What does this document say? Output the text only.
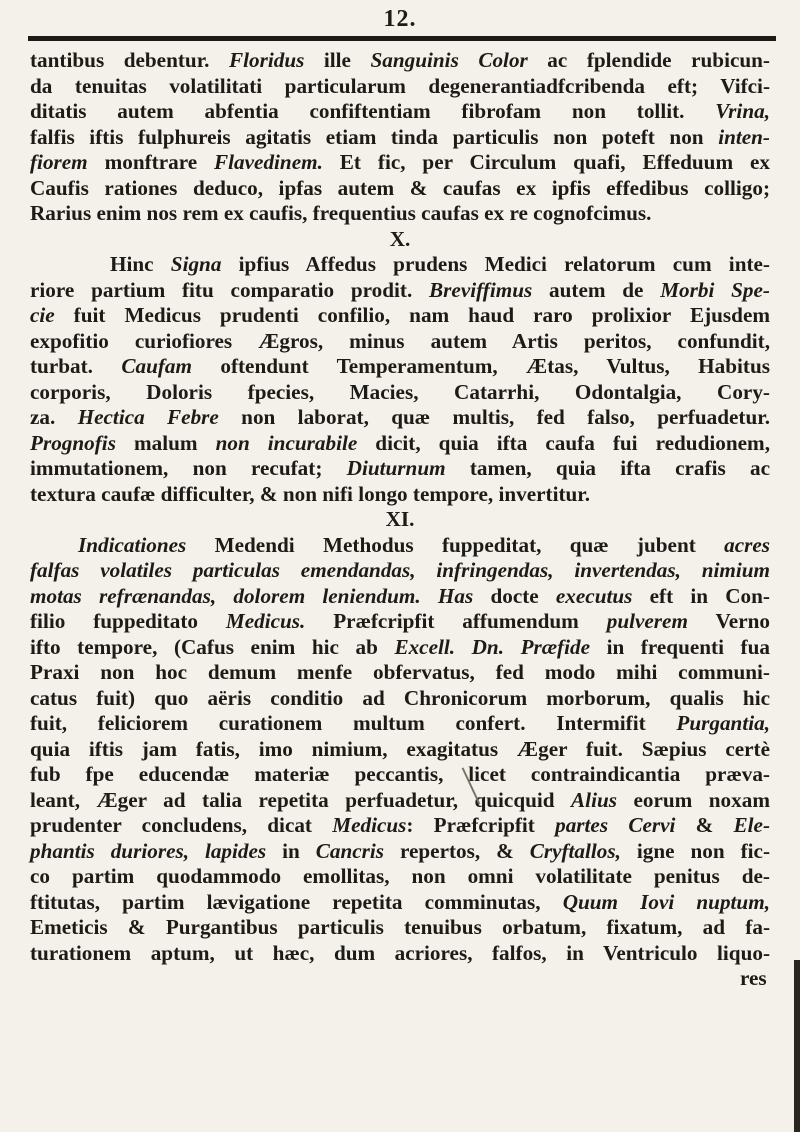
12.
tantibus debentur. Floridus ille Sanguinis Color ac fplendide rubicun-
da tenuitas volatilitati particularum degenerantiadfcribenda eft; Vifci-
ditatis autem abfentia confiftentiam fibrofam non tollit. Vrina,
falfis iftis fulphureis agitatis etiam tinda particulis non poteft non inten-
fiorem monftrare Flavedinem. Et fic, per Circulum quafi, Effeduum ex
Caufis rationes deduco, ipfas autem & caufas ex ipfis effedibus colligo;
Rarius enim nos rem ex caufis, frequentius caufas ex re cognofcimus.
X.
Hinc Signa ipfius Affedus prudens Medici relatorum cum inte-
riore partium fitu comparatio prodit. Breviffimus autem de Morbi Spe-
cie fuit Medicus prudenti confilio, nam haud raro prolixior Ejusdem
expofitio curiofiores Ægros, minus autem Artis peritos, confundit,
turbat. Caufam oftendunt Temperamentum, Ætas, Vultus, Habitus
corporis, Doloris fpecies, Macies, Catarrhi, Odontalgia, Cory-
za. Hectica Febre non laborat, quæ multis, fed falso, perfuadetur.
Prognofis malum non incurabile dicit, quia ifta caufa fui redudionem,
immutationem, non recufat; Diuturnum tamen, quia ifta crafis ac
textura caufæ difficulter, & non nifi longo tempore, invertitur.
XI.
Indicationes Medendi Methodus fuppeditat, quæ jubent acres
falfas volatiles particulas emendandas, infringendas, invertendas, nimium
motas refrænandas, dolorem leniendum. Has docte executus eft in Con-
filio fuppeditato Medicus. Præfcripfit affumendum pulverem Verno
ifto tempore, (Cafus enim hic ab Excell. Dn. Præfide in frequenti fua
Praxi non hoc demum menfe obfervatus, fed modo mihi communi-
catus fuit) quo aëris conditio ad Chronicorum morborum, qualis hic
fuit, feliciorem curationem multum confert. Intermifit Purgantia,
quia iftis jam fatis, imo nimium, exagitatus Æger fuit. Sæpius certè
fub fpe educendæ materiæ peccantis, licet contraindicantia præva-
leant, Æger ad talia repetita perfuadetur, quicquid Alius eorum noxam
prudenter concludens, dicat Medicus: Præfcripfit partes Cervi & Ele-
phantis duriores, lapides in Cancris repertos, & Cryftallos, igne non fic-
co partim quodammodo emollitas, non omni volatilitate penitus de-
ftitutas, partim lævigatione repetita comminutas, Quum Iovi nuptum,
Emeticis & Purgantibus particulis tenuibus orbatum, fixatum, ad fa-
turationem aptum, ut hæc, dum acriores, falfos, in Ventriculo liquo-
res
